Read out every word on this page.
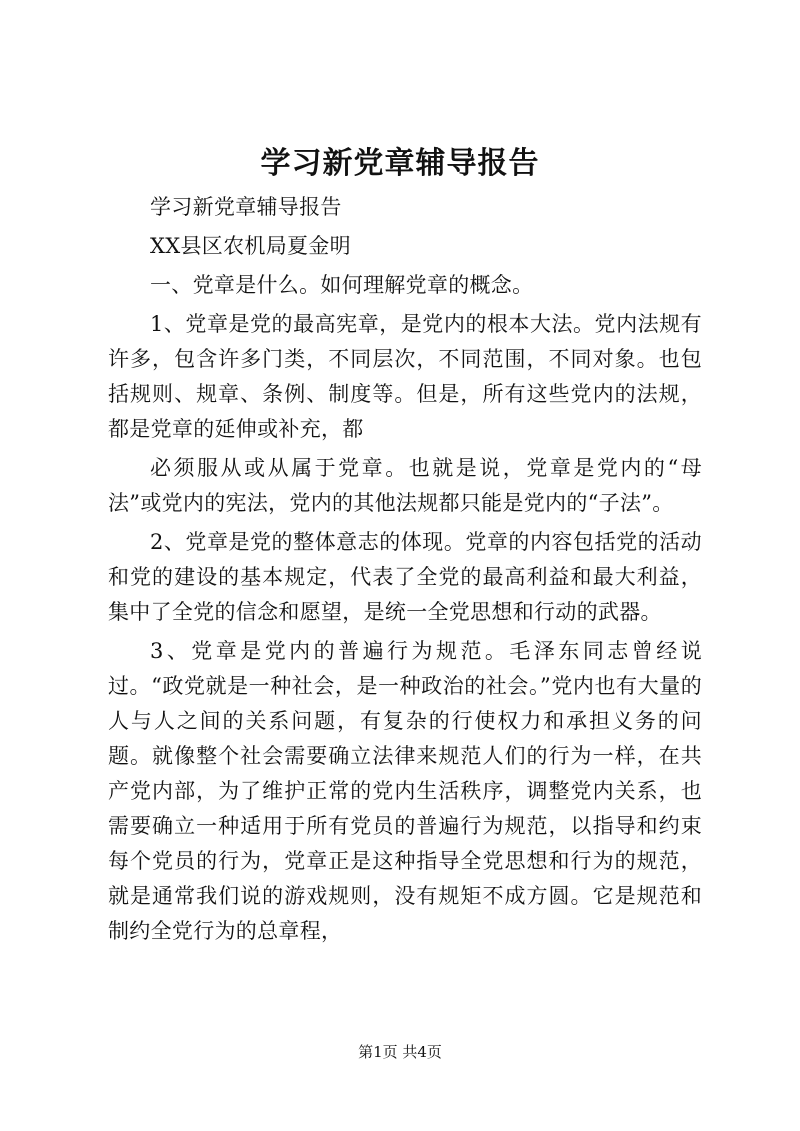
学习新党章辅导报告

学习新党章辅导报告

XX县区农机局夏金明

一、党章是什么。如何理解党章的概念。

1、党章是党的最高宪章，是党内的根本大法。党内法规有许多，包含许多门类，不同层次，不同范围，不同对象。也包括规则、规章、条例、制度等。但是，所有这些党内的法规，都是党章的延伸或补充，都

必须服从或从属于党章。也就是说，党章是党内的“母法”或党内的宪法，党内的其他法规都只能是党内的“子法”。

2、党章是党的整体意志的体现。党章的内容包括党的活动和党的建设的基本规定，代表了全党的最高利益和最大利益，集中了全党的信念和愿望，是统一全党思想和行动的武器。

3、党章是党内的普遍行为规范。毛泽东同志曾经说过。“政党就是一种社会，是一种政治的社会。”党内也有大量的人与人之间的关系问题，有复杂的行使权力和承担义务的问题。就像整个社会需要确立法律来规范人们的行为一样，在共产党内部，为了维护正常的党内生活秩序，调整党内关系，也需要确立一种适用于所有党员的普遍行为规范，以指导和约束每个党员的行为，党章正是这种指导全党思想和行为的规范，就是通常我们说的游戏规则，没有规矩不成方圆。它是规范和制约全党行为的总章程，

第1页 共4页
